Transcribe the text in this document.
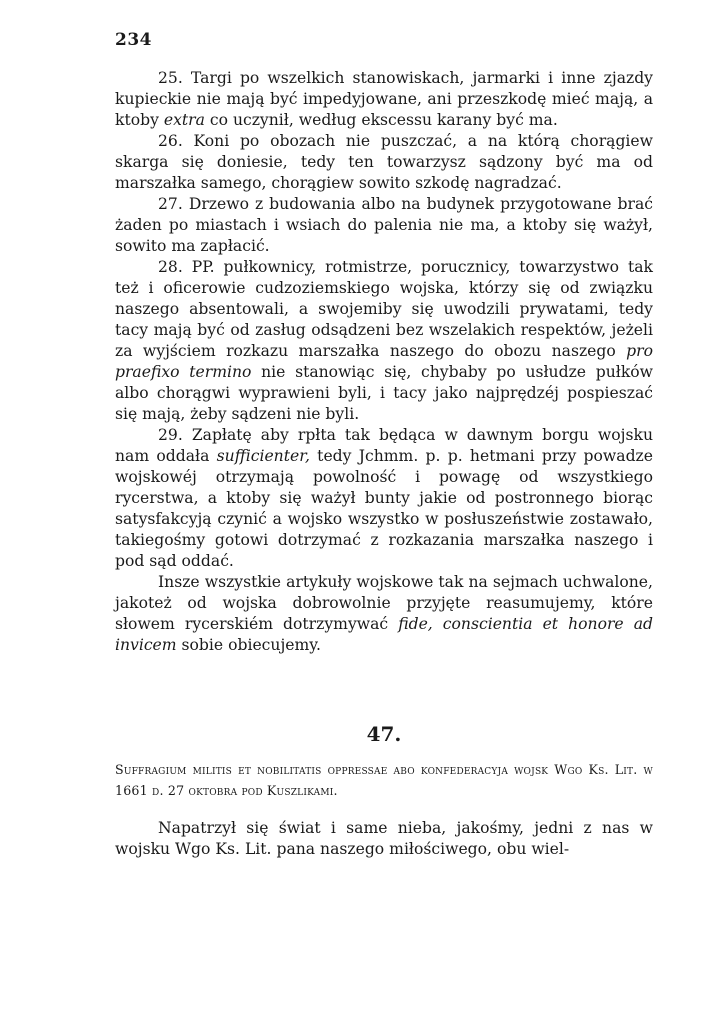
234

25. Targi po wszelkich stanowiskach, jarmarki i inne zjazdy kupieckie nie mają być impedyjowane, ani przeszkodę mieć mają, a ktoby extra co uczynił, według ekscessu karany być ma.

26. Koni po obozach nie puszczać, a na którą chorągiew skarga się doniesie, tedy ten towarzysz sądzony być ma od marszałka samego, chorągiew sowito szkodę nagradzać.

27. Drzewo z budowania albo na budynek przygotowane brać żaden po miastach i wsiach do palenia nie ma, a ktoby się ważył, sowito ma zapłacić.

28. PP. pułkownicy, rotmistrze, porucznicy, towarzystwo tak też i oficerowie cudzoziemskiego wojska, którzy się od związku naszego absentowali, a swojemiby się uwodzili prywatami, tedy tacy mają być od zasług odsądzeni bez wszelakich respektów, jeżeli za wyjściem rozkazu marszałka naszego do obozu naszego pro praefixo termino nie stanowiąc się, chybaby po usłudze pułków albo chorągwi wyprawieni byli, i tacy jako najprędzéj pospieszać się mają, żeby sądzeni nie byli.

29. Zapłatę aby rpłta tak będąca w dawnym borgu wojsku nam oddała sufficienter, tedy Jchmm. p. p. hetmani przy powadze wojskowéj otrzymają powolność i powagę od wszystkiego rycerstwa, a ktoby się ważył bunty jakie od postronnego biorąc satysfakcyją czynić a wojsko wszystko w posłuszeństwie zostawało, takiegośmy gotowi dotrzymać z rozkazania marszałka naszego i pod sąd oddać.

Insze wszystkie artykuły wojskowe tak na sejmach uchwalone, jakoteż od wojska dobrowolnie przyjęte reasumujemy, które słowem rycerskiém dotrzymywać fide, conscientia et honore ad invicem sobie obiecujemy.

47.
Suffragium militis et nobilitatis oppressae abo konfederacyja wojsk Wgo Ks. Lit. w 1661 d. 27 oktobra pod Kuszlikami.

Napatrzył się świat i same nieba, jakośmy, jedni z nas w wojsku Wgo Ks. Lit. pana naszego miłościwego, obu wiel-
